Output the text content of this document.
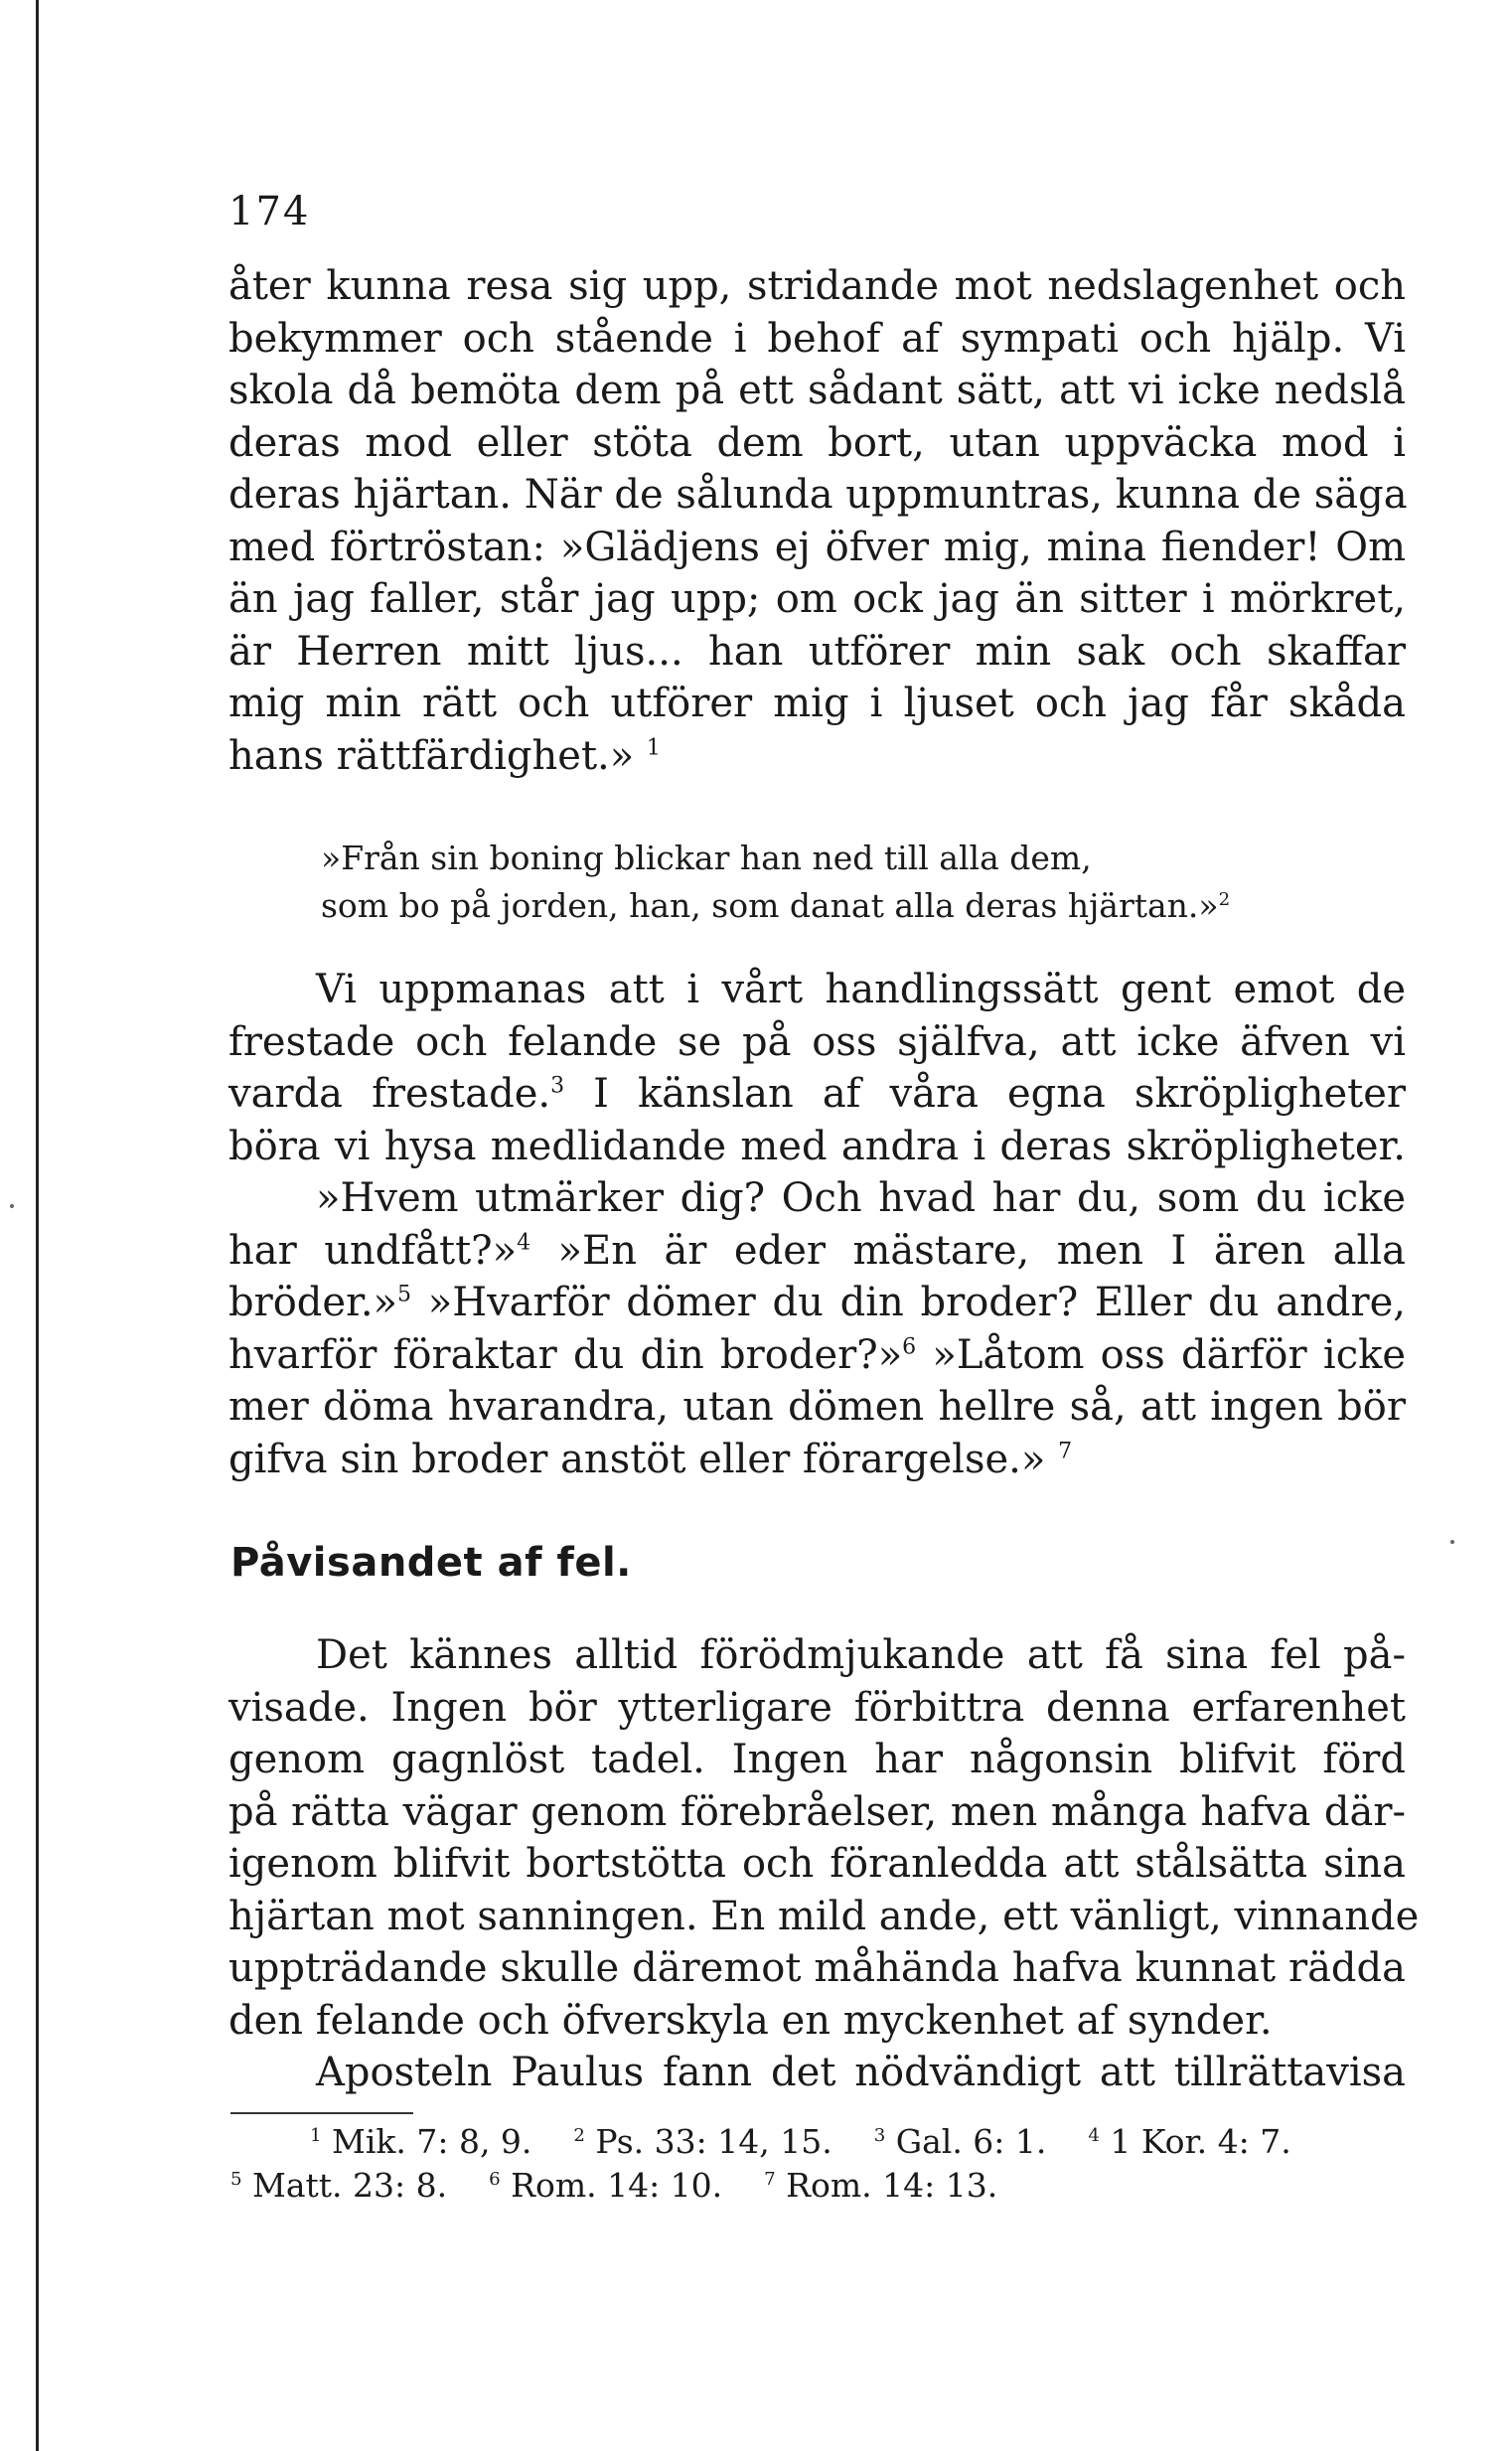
174
åter kunna resa sig upp, stridande mot nedslagenhet och
bekymmer och stående i behof af sympati och hjälp. Vi
skola då bemöta dem på ett sådant sätt, att vi icke nedslå
deras mod eller stöta dem bort, utan uppväcka mod i
deras hjärtan. När de sålunda uppmuntras, kunna de säga
med förtröstan: »Glädjens ej öfver mig, mina fiender! Om
än jag faller, står jag upp; om ock jag än sitter i mörkret,
är Herren mitt ljus... han utförer min sak och skaffar
mig min rätt och utförer mig i ljuset och jag får skåda
hans rättfärdighet.» $^1$
»Från sin boning blickar han ned till alla dem,
som bo på jorden, han, som danat alla deras hjärtan.»$^2$
Vi uppmanas att i vårt handlingssätt gent emot de
frestade och felande se på oss själfva, att icke äfven vi
varda frestade.$^3$ I känslan af våra egna skröpligheter
böra vi hysa medlidande med andra i deras skröpligheter.
»Hvem utmärker dig? Och hvad har du, som du icke
har undfått?»$^4$ »En är eder mästare, men I ären alla
bröder.»$^5$ »Hvarför dömer du din broder? Eller du andre,
hvarför föraktar du din broder?»$^6$ »Låtom oss därför icke
mer döma hvarandra, utan dömen hellre så, att ingen bör
gifva sin broder anstöt eller förargelse.» $^7$
Påvisandet af fel.
Det kännes alltid förödmjukande att få sina fel på-
visade. Ingen bör ytterligare förbittra denna erfarenhet
genom gagnlöst tadel. Ingen har någonsin blifvit förd
på rätta vägar genom förebråelser, men många hafva där-
igenom blifvit bortstötta och föranledda att stålsätta sina
hjärtan mot sanningen. En mild ande, ett vänligt, vinnande
uppträdande skulle däremot måhända hafva kunnat rädda
den felande och öfverskyla en myckenhet af synder.
Aposteln Paulus fann det nödvändigt att tillrättavisa
$^1$ Mik. 7: 8, 9. $^2$ Ps. 33: 14, 15. $^3$ Gal. 6: 1. $^4$ 1 Kor. 4: 7.
$^5$ Matt. 23: 8. $^6$ Rom. 14: 10. $^7$ Rom. 14: 13.
